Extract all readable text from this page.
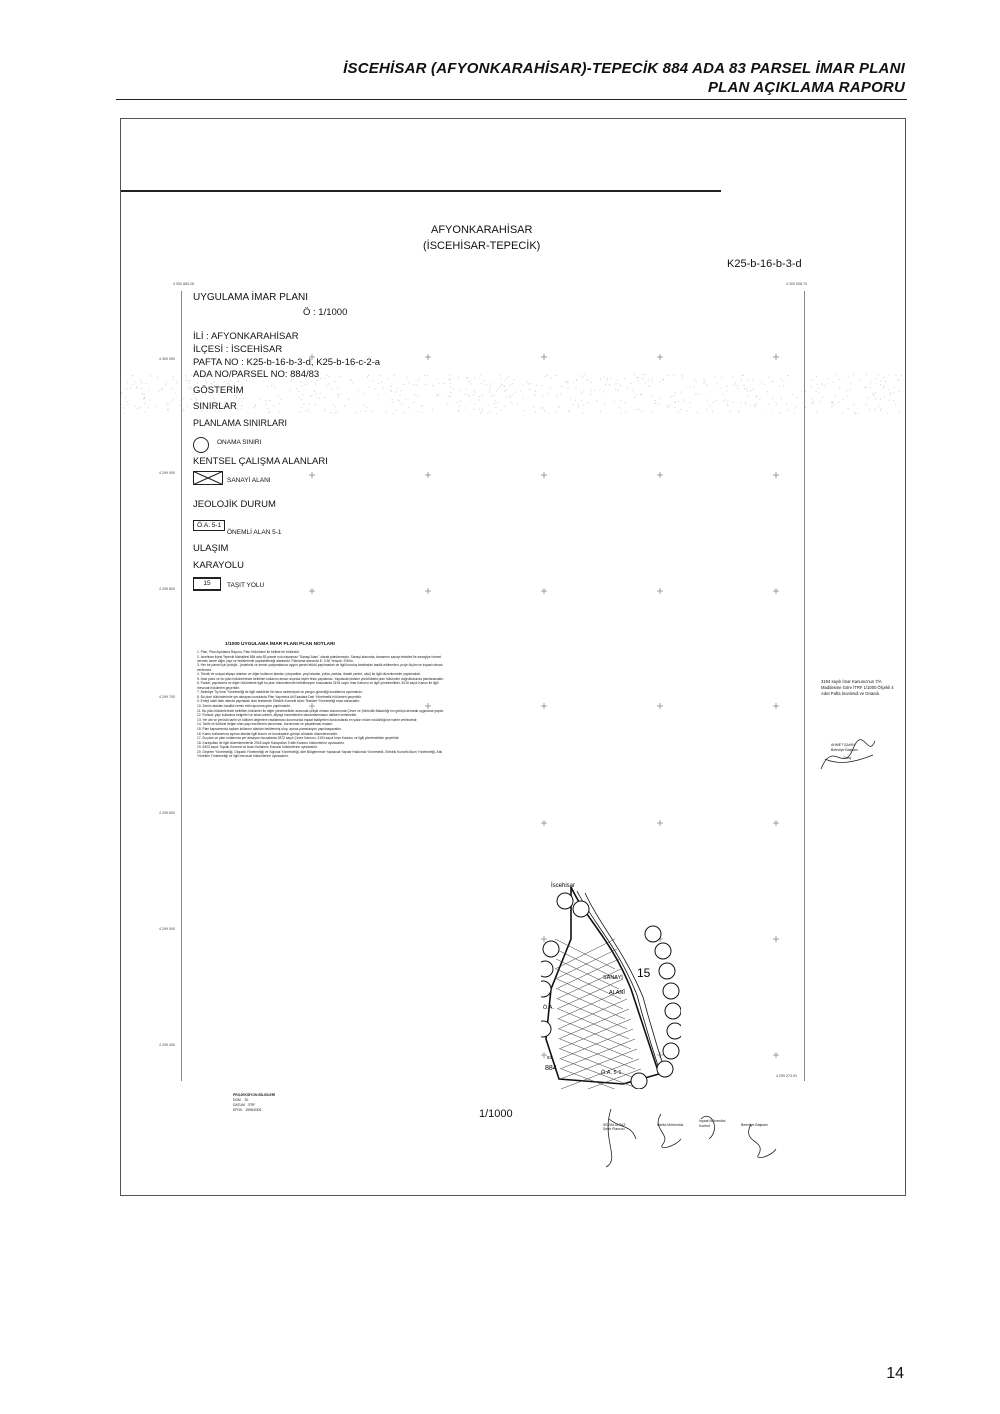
İSCEHİSAR (AFYONKARAHİSAR)-TEPECİK 884 ADA 83 PARSEL İMAR PLANI
PLAN AÇIKLAMA RAPORU
AFYONKARAHİSAR
(İSCEHİSAR-TEPECİK)
K25-b-16-b-3-d
4 300 883.28	4 300 008.70
4 300 090
4 299 900
4 299 800
4 299 700
4 299 600
4 299 500
4 299 400
4 299 273.91
UYGULAMA İMAR PLANI
Ö : 1/1000
İLİ : AFYONKARAHİSAR
İLÇESİ : İSCEHİSAR
PAFTA NO : K25-b-16-b-3-d, K25-b-16-c-2-a
ADA NO/PARSEL NO: 884/83
GÖSTERİM
SINIRLAR
PLANLAMA SINIRLARI
ONAMA SINIRI
KENTSEL ÇALIŞMA ALANLARI
SANAYİ ALANI
JEOLOJİK DURUM
Ö.A. 5-1
ÖNEMLİ ALAN 5-1
ULAŞIM
KARAYOLU
15	TAŞIT YOLU
1/1000 UYGULAMA İMAR PLANI PLAN NOTLARI

1. Plan, Plan Açıklama Raporu, Plan Hükümleri ile birlikte bir bütündür.

2. İscehisar ilçesi Tepecik Mahallesi 884 ada 83 parsel nolu taşınmaz "Sanayi Alanı" olarak planlanmıştır. Sanayi alanında, tamamen sanayi tesisleri ile sanayiye hizmet vermek üzere diğer yapı ve tesislerinde yapılabileceği alanlardır. Planlama alanında E: 0.50 Yençok: 9.50m.

3. Her bir parsel için jeolojik - jeoteknik ve zemin çalışmalarına uygun parsel etüdü yapılmadan ve ilgili kuruluş tarafından tasdik edilmeden, proje ölçüm ve inşaat ruhsatı verilemez.

4. Teknik ve sosyal altyapı alanları ve diğer kullanım alanları (otoparklar, yeşil alanlar, yollar, parklar, ibadet yerleri, okul) ile ilgili düzenlemeler yapılmalıdır.

5. İmar planı ve bu plan hükümlerinde belirtilen kullanım amacı dışında hiçbir tesis yapılamaz. Yapılacak tesisler yürürlükteki plan hükümleri doğrultusunda planlanacaktır.

6. Parsel, yapılanma ve diğer hükümlerle ilgili bu plan hükümlerinde belirtilmeyen hususlarda 3194 sayılı İmar Kanunu ve ilgili yönetmelikler, 5216 sayılı Kanun ile ilgili mevzuat hükümleri geçerlidir.

7. Belediye Tip İmar Yönetmeliği ile ilgili maddeler ile hava muhteviyatı ve yangın güvenliği kurallarına uyulmalıdır.

8. Bu plan hükümlerinde yer almayan konularda Plan Yapımına Ait Esaslara Dair Yönetmelik hükümleri geçerlidir.

9. Enerji nakil hattı altında yapılacak olan tesislerde Elektrik Kuvvetli Akım Tesisleri Yönetmeliği esas alınacaktır.

10. Zemin alanları tasdikli zemin etüt raporuna göre yapılmalıdır.

11. Bu plan hükümlerinde belirtilen hükümler ile diğer yönetmelikler arasında çelişki olması durumunda Çevre ve Şehircilik Bakanlığı'nın görüşü alınarak uygulama yapılır.

12. Ruhsat, yapı kullanma belgeleri ve iskan izinleri, altyapı hizmetlerinin tamamlanmasını takiben verilecektir.

13. Yer altı ve yerüstü tarihi ve kültürel değerlere rastlanması durumunda inşaat faaliyetleri durdurularak en yakın müze müdürlüğüne haber verilecektir.

14. Tarihi ve kültürel değeri olan yapı eserlerinin tanınması, korunması ve yaşatılması esastır.

15. Plan kapsamında toplam kullanım alanları belirlenmiş olup, ayrıca parselasyon yapılmayacaktır.

16. Kamu kullanımına ayrılan alanlar ilgili kurum ve kuruluşların görüşü alınarak düzenlenecektir.

17. Bu plan ve plan notlarında yer almayan hususlarda 2872 sayılı Çevre Kanunu, 3194 sayılı İmar Kanunu ve ilgili yönetmelikler geçerlidir.

18. Karayolları ile ilgili düzenlemelerde 2918 sayılı Karayolları Trafik Kanunu hükümlerine uyulacaktır.

19. 5403 sayılı Toprak Koruma ve Arazi Kullanımı Kanunu hükümlerine uyulacaktır.

20. Deprem Yönetmeliği, Otopark Yönetmeliği ve Sığınak Yönetmeliği, Afet Bölgelerinde Yapılacak Yapılar Hakkında Yönetmelik, Elektrik Kuvvetli Akım Yönetmeliği, Atık Yönetimi Yönetmeliği ve ilgili mevzuat hükümlerine uyulacaktır.

İscehisar
SANAYİ
ALANI
15
Ö.A.
Ö.A. 5-1
83
884
3194 sayılı İmar Kanunu'nun 7/A Maddesine Göre İTRF 1/1000 Ölçekli 4 Adet Pafta İncelendi ve Onandı.
AHMET ŞAHİN
Belediye Başkanı
Onay
PROJEKSİYON BİLGİLERİ
DDM 30
DATUM ITRF
EPOK 1996/2005	1/1000
SEVİM ALPAZ
Şehir Plancısı
Harita Mühendisi
İnşaat Mühendisi
Kontrol	Belediye Başkanı
14
